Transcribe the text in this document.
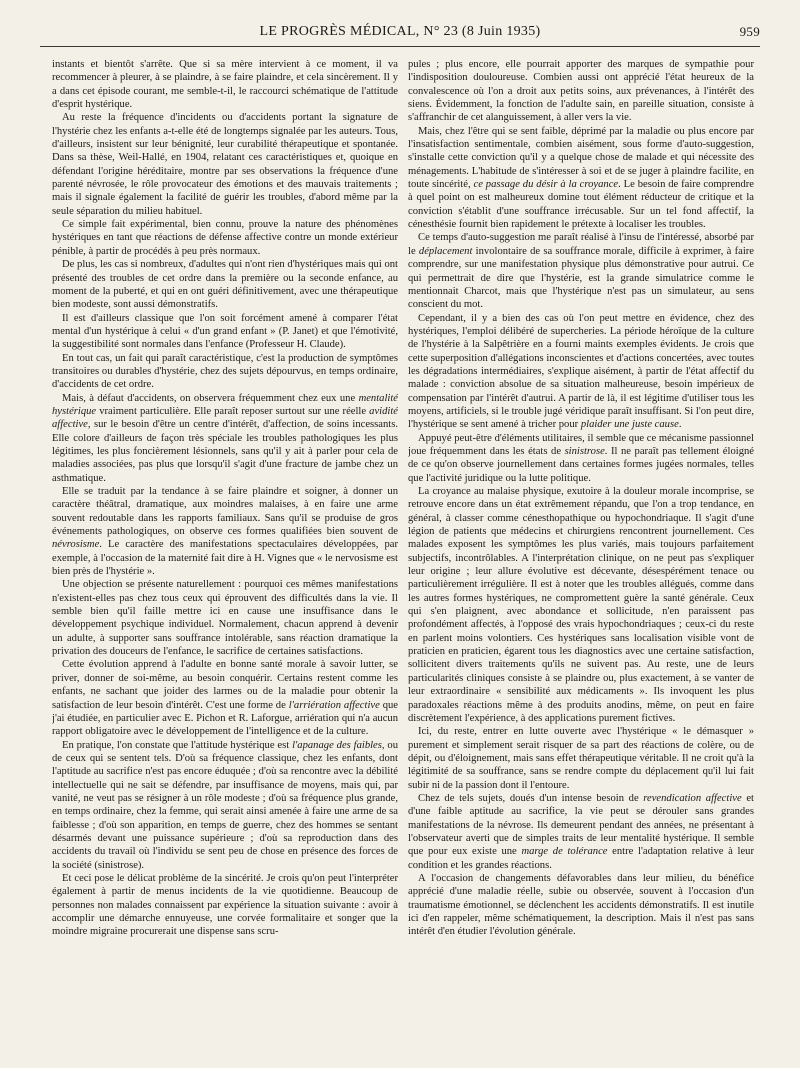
LE PROGRÈS MÉDICAL, N° 23 (8 Juin 1935)	959

instants et bientôt s'arrête. Que si sa mère intervient à ce moment, il va recommencer à pleurer, à se plaindre, à se faire plaindre, et cela sincèrement. Il y a dans cet épisode courant, me semble-t-il, le raccourci schématique de l'attitude d'esprit hystérique.

Au reste la fréquence d'incidents ou d'accidents portant la signature de l'hystérie chez les enfants a-t-elle été de longtemps signalée par les auteurs. Tous, d'ailleurs, insistent sur leur bénignité, leur curabilité thérapeutique et spontanée. Dans sa thèse, Weil-Hallé, en 1904, relatant ces caractéristiques et, quoique en défendant l'origine héréditaire, montre par ses observations la fréquence d'une parenté névrosée, le rôle provocateur des émotions et des mauvais traitements ; mais il signale également la facilité de guérir les troubles, d'abord même par la seule séparation du milieu habituel.

Ce simple fait expérimental, bien connu, prouve la nature des phénomènes hystériques en tant que réactions de défense affective contre un monde extérieur pénible, à partir de procédés à peu près normaux.

De plus, les cas si nombreux, d'adultes qui n'ont rien d'hystériques mais qui ont présenté des troubles de cet ordre dans la première ou la seconde enfance, au moment de la puberté, et qui en ont guéri définitivement, avec une thérapeutique bien modeste, sont aussi démonstratifs.

Il est d'ailleurs classique que l'on soit forcément amené à comparer l'état mental d'un hystérique à celui « d'un grand enfant » (P. Janet) et que l'émotivité, la suggestibilité sont normales dans l'enfance (Professeur H. Claude).

En tout cas, un fait qui paraît caractéristique, c'est la production de symptômes transitoires ou durables d'hystérie, chez des sujets dépourvus, en temps ordinaire, d'accidents de cet ordre.

Mais, à défaut d'accidents, on observera fréquemment chez eux une mentalité hystérique vraiment particulière. Elle paraît reposer surtout sur une réelle avidité affective, sur le besoin d'être un centre d'intérêt, d'affection, de soins incessants. Elle colore d'ailleurs de façon très spéciale les troubles pathologiques les plus légitimes, les plus foncièrement lésionnels, sans qu'il y ait à parler pour cela de maladies associées, pas plus que lorsqu'il s'agit d'une fracture de jambe chez un asthmatique.

Elle se traduit par la tendance à se faire plaindre et soigner, à donner un caractère théâtral, dramatique, aux moindres malaises, à en faire une arme souvent redoutable dans les rapports familiaux. Sans qu'il se produise de gros événements pathologiques, on observe ces formes qualifiées bien souvent de névrosisme. Le caractère des manifestations spectaculaires développées, par exemple, à l'occasion de la maternité fait dire à H. Vignes que « le nervosisme est bien près de l'hystérie ».

Une objection se présente naturellement : pourquoi ces mêmes manifestations n'existent-elles pas chez tous ceux qui éprouvent des difficultés dans la vie. Il semble bien qu'il faille mettre ici en cause une insuffisance dans le développement psychique individuel. Normalement, chacun apprend à devenir un adulte, à supporter sans souffrance intolérable, sans réaction dramatique la privation des douceurs de l'enfance, le sacrifice de certaines satisfactions.

Cette évolution apprend à l'adulte en bonne santé morale à savoir lutter, se priver, donner de soi-même, au besoin conquérir. Certains restent comme les enfants, ne sachant que joider des larmes ou de la maladie pour obtenir la satisfaction de leur besoin d'intérêt. C'est une forme de l'arriération affective que j'ai étudiée, en particulier avec E. Pichon et R. Laforgue, arriération qui n'a aucun rapport obligatoire avec le développement de l'intelligence et de la culture.

En pratique, l'on constate que l'attitude hystérique est l'apanage des faibles, ou de ceux qui se sentent tels. D'où sa fréquence classique, chez les enfants, dont l'aptitude au sacrifice n'est pas encore éduquée ; d'où sa rencontre avec la débilité intellectuelle qui ne sait se défendre, par insuffisance de moyens, mais qui, par vanité, ne veut pas se résigner à un rôle modeste ; d'où sa fréquence plus grande, en temps ordinaire, chez la femme, qui serait ainsi amenée à faire une arme de sa faiblesse ; d'où son apparition, en temps de guerre, chez des hommes se sentant désarmés devant une puissance supérieure ; d'où sa reproduction dans des accidents du travail où l'individu se sent peu de chose en présence des forces de la société (sinistrose).

Et ceci pose le délicat problème de la sincérité. Je crois qu'on peut l'interpréter également à partir de menus incidents de la vie quotidienne. Beaucoup de personnes non malades connaissent par expérience la situation suivante : avoir à accomplir une démarche ennuyeuse, une corvée formalitaire et songer que la moindre migraine procurerait une dispense sans scru-

pules ; plus encore, elle pourrait apporter des marques de sympathie pour l'indisposition douloureuse. Combien aussi ont apprécié l'état heureux de la convalescence où l'on a droit aux petits soins, aux prévenances, à l'intérêt des siens. Évidemment, la fonction de l'adulte sain, en pareille situation, consiste à s'affranchir de cet alanguissement, à aller vers la vie.

Mais, chez l'être qui se sent faible, déprimé par la maladie ou plus encore par l'insatisfaction sentimentale, combien aisément, sous forme d'auto-suggestion, s'installe cette conviction qu'il y a quelque chose de malade et qui nécessite des ménagements. L'habitude de s'intéresser à soi et de se juger à plaindre facilite, en toute sincérité, ce passage du désir à la croyance. Le besoin de faire comprendre à quel point on est malheureux domine tout élément réducteur de critique et la conviction s'établit d'une souffrance irrécusable. Sur un tel fond affectif, la cénesthésie fournit bien rapidement le prétexte à localiser les troubles.

Ce temps d'auto-suggestion me paraît réalisé à l'insu de l'intéressé, absorbé par le déplacement involontaire de sa souffrance morale, difficile à exprimer, à faire comprendre, sur une manifestation physique plus démonstrative pour autrui. Ce qui permettrait de dire que l'hystérie, est la grande simulatrice comme le mentionnait Charcot, mais que l'hystérique n'est pas un simulateur, au sens conscient du mot.

Cependant, il y a bien des cas où l'on peut mettre en évidence, chez des hystériques, l'emploi délibéré de supercheries. La période héroïque de la culture de l'hystérie à la Salpêtrière en a fourni maints exemples évidents. Je crois que cette superposition d'allégations inconscientes et d'actions concertées, avec toutes les dégradations intermédiaires, s'explique aisément, à partir de l'état affectif du malade : conviction absolue de sa situation malheureuse, besoin impérieux de compensation par l'intérêt d'autrui. A partir de là, il est légitime d'utiliser tous les moyens, artificiels, si le trouble jugé véridique paraît insuffisant. Si l'on peut dire, l'hystérique se sent amené à tricher pour plaider une juste cause.

Appuyé peut-être d'éléments utilitaires, il semble que ce mécanisme passionnel joue fréquemment dans les états de sinistrose. Il ne paraît pas tellement éloigné de ce qu'on observe journellement dans certaines formes jugées normales, telles que l'activité juridique ou la lutte politique.

La croyance au malaise physique, exutoire à la douleur morale incomprise, se retrouve encore dans un état extrêmement répandu, que l'on a trop tendance, en général, à classer comme cénesthopathique ou hypochondriaque. Il s'agit d'une légion de patients que médecins et chirurgiens rencontrent journellement. Ces malades exposent les symptômes les plus variés, mais toujours parfaitement subjectifs, incontrôlables. A l'interprétation clinique, on ne peut pas s'expliquer leur origine ; leur allure évolutive est décevante, désespérément tenace ou particulièrement irrégulière. Il est à noter que les troubles allégués, comme dans les autres formes hystériques, ne compromettent guère la santé générale. Ceux qui s'en plaignent, avec abondance et sollicitude, n'en paraissent pas profondément affectés, à l'opposé des vrais hypochondriaques ; ceux-ci du reste en parlent moins volontiers. Ces hystériques sans localisation visible vont de praticien en praticien, égarent tous les diagnostics avec une certaine satisfaction, sollicitent divers traitements qu'ils ne suivent pas. Au reste, une de leurs particularités cliniques consiste à se plaindre ou, plus exactement, à se vanter de leur extraordinaire « sensibilité aux médicaments ». Ils invoquent les plus paradoxales réactions même à des produits anodins, même, on peut en faire discrètement l'expérience, à des applications purement fictives.

Ici, du reste, entrer en lutte ouverte avec l'hystérique « le démasquer » purement et simplement serait risquer de sa part des réactions de colère, ou de dépit, ou d'éloignement, mais sans effet thérapeutique véritable. Il ne croit qu'à la légitimité de sa souffrance, sans se rendre compte du déplacement qu'il lui fait subir ni de la passion dont il l'entoure.

Chez de tels sujets, doués d'un intense besoin de revendication affective et d'une faible aptitude au sacrifice, la vie peut se dérouler sans grandes manifestations de la névrose. Ils demeurent pendant des années, ne présentant à l'observateur averti que de simples traits de leur mentalité hystérique. Il semble que pour eux existe une marge de tolérance entre l'adaptation relative à leur condition et les grandes réactions.

A l'occasion de changements défavorables dans leur milieu, du bénéfice apprécié d'une maladie réelle, subie ou observée, souvent à l'occasion d'un traumatisme émotionnel, se déclenchent les accidents démonstratifs. Il est inutile ici d'en rappeler, même schématiquement, la description. Mais il n'est pas sans intérêt d'en étudier l'évolution générale.
